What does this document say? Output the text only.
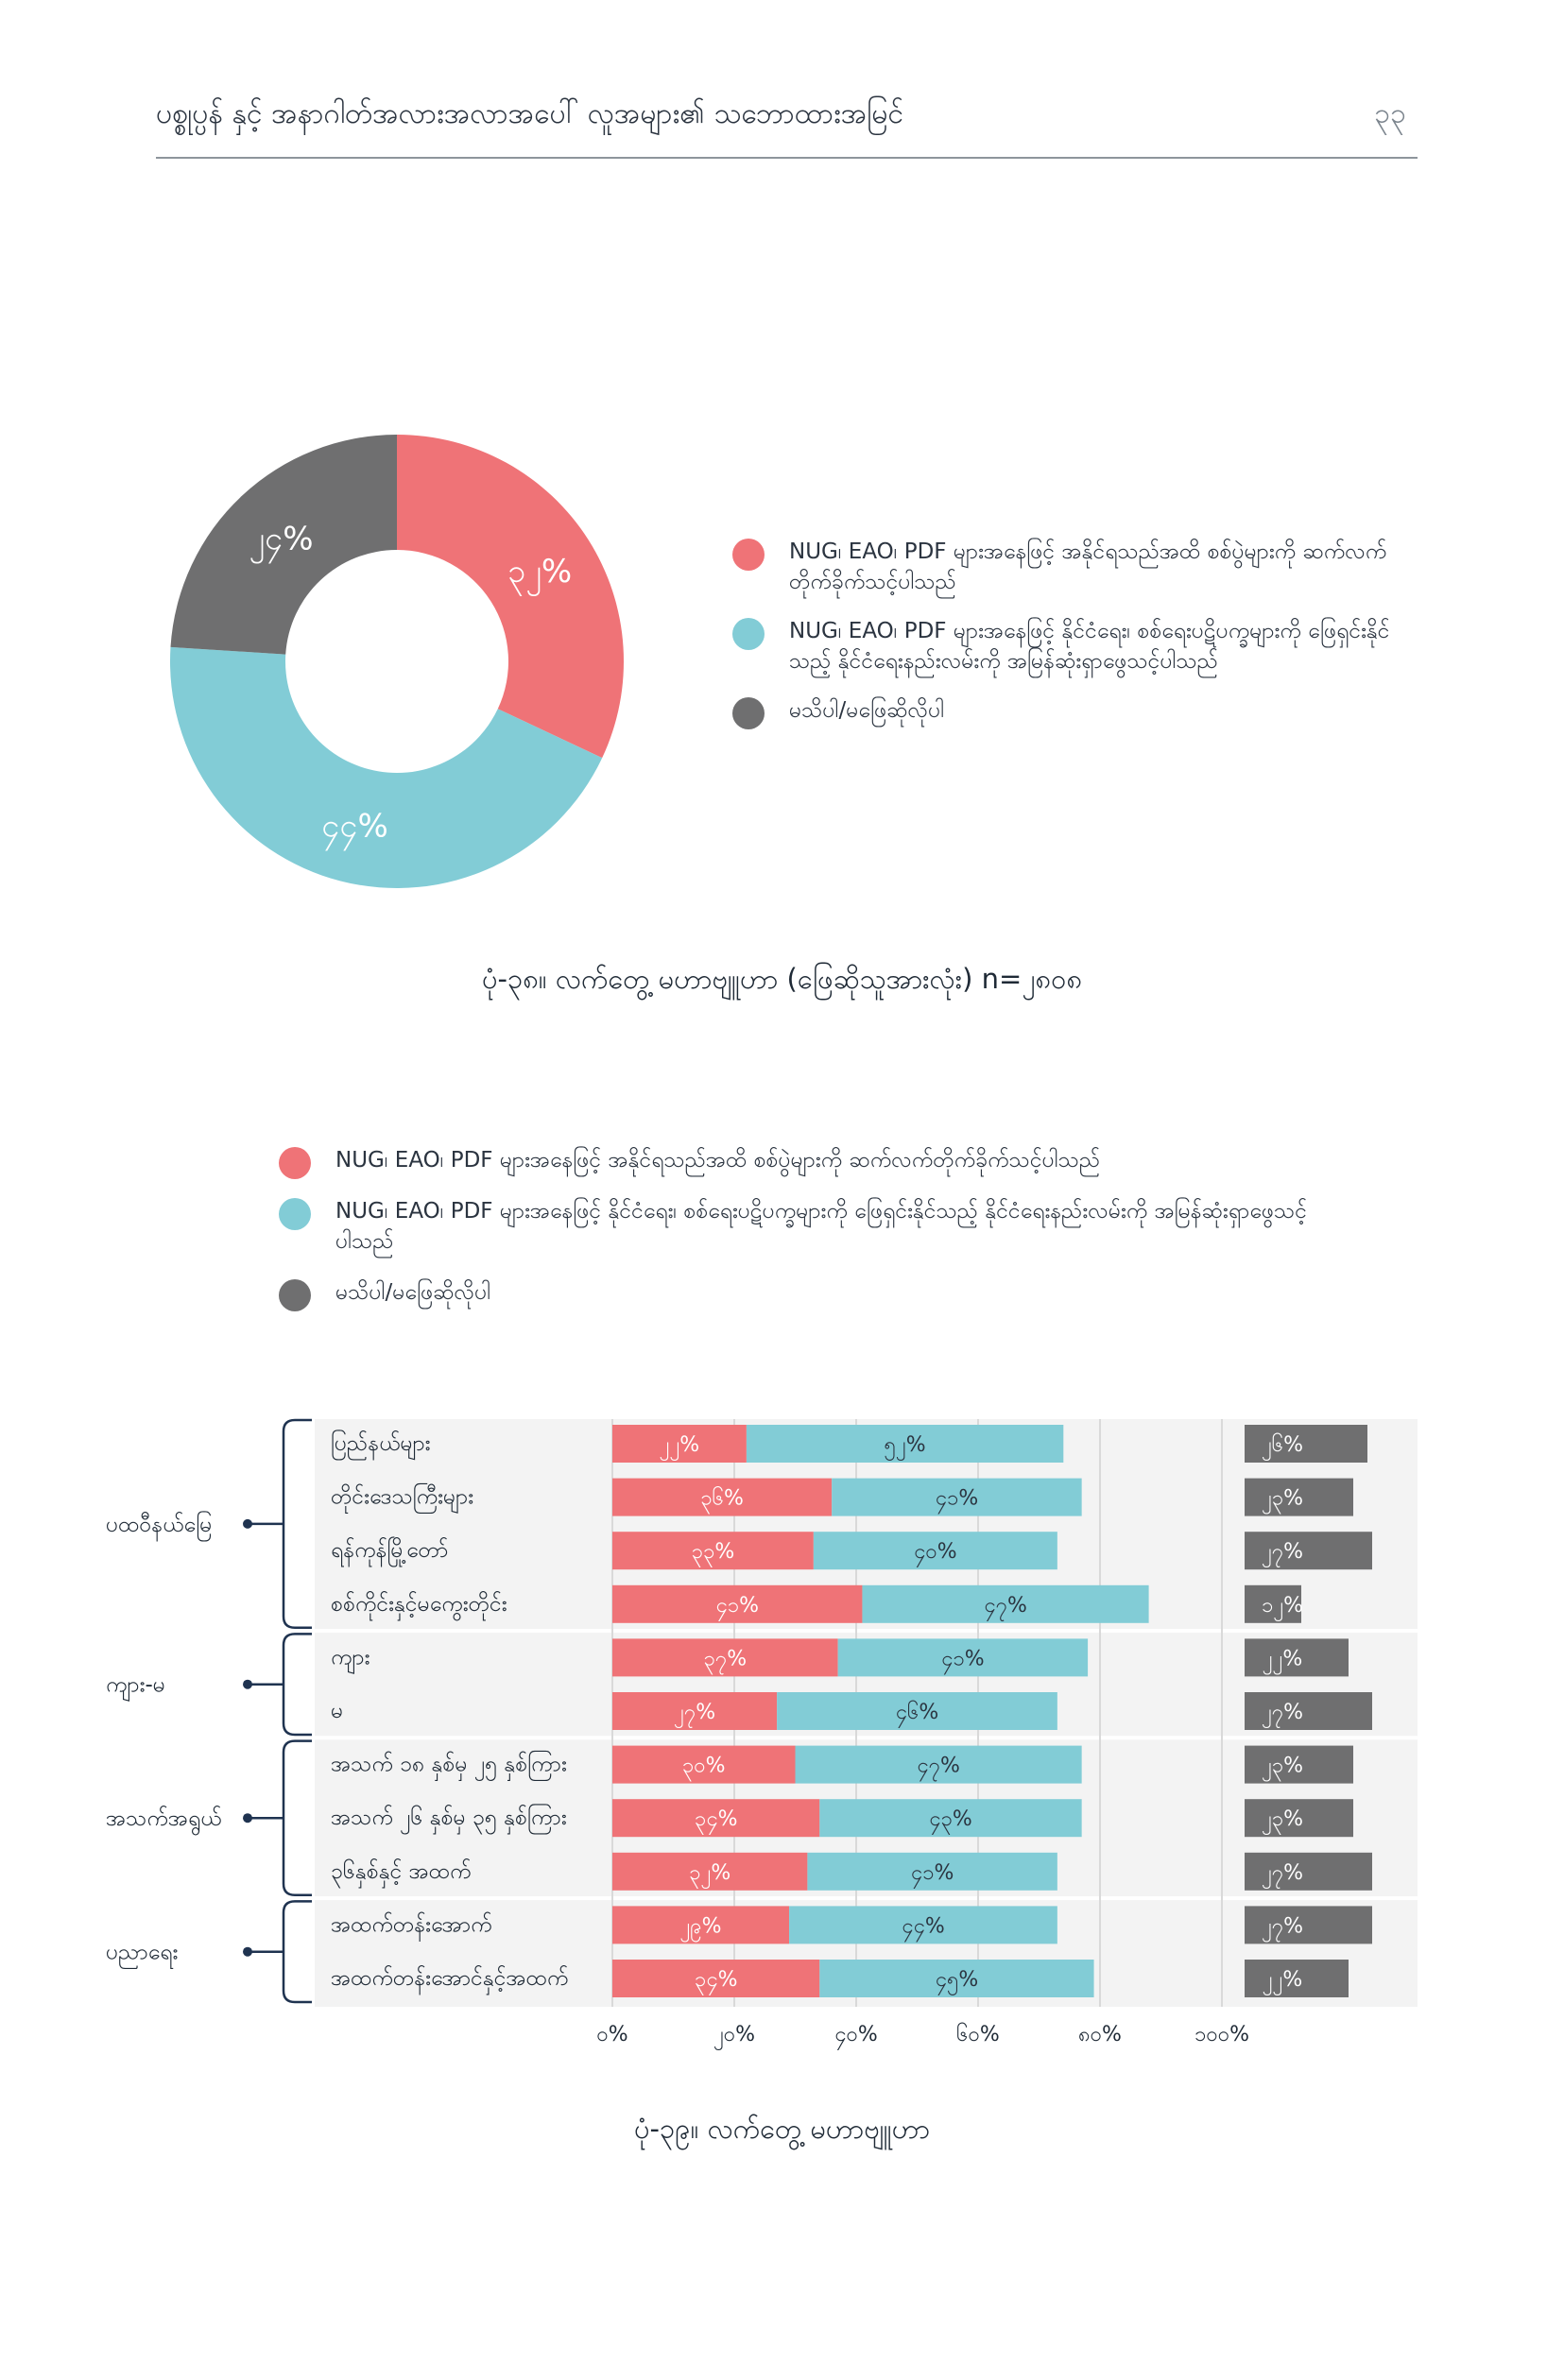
ပစ္စုပ္ပန် နှင့် အနာဂါတ်အလားအလာအပေါ် လူအများ၏ သဘောထားအမြင်	၃၃
၃၂%
၄၄%
၂၄%	NUG၊ EAO၊ PDF များအနေဖြင့် အနိုင်ရသည်အထိ စစ်ပွဲများကို ဆက်လက်တိုက်ခိုက်သင့်ပါသည်
NUG၊ EAO၊ PDF များအနေဖြင့် နိုင်ငံရေး၊ စစ်ရေးပဋိပက္ခများကို ဖြေရှင်းနိုင်သည့် နိုင်ငံရေးနည်းလမ်းကို အမြန်ဆုံးရှာဖွေသင့်ပါသည်
မသိပါ/မဖြေဆိုလိုပါ
ပုံ-၃၈။ လက်တွေ့ မဟာဗျူဟာ (ဖြေဆိုသူအားလုံး) n=၂၈၀၈
NUG၊ EAO၊ PDF များအနေဖြင့် အနိုင်ရသည်အထိ စစ်ပွဲများကို ဆက်လက်တိုက်ခိုက်သင့်ပါသည်
NUG၊ EAO၊ PDF များအနေဖြင့် နိုင်ငံရေး၊ စစ်ရေးပဋိပက္ခများကို ဖြေရှင်းနိုင်သည့် နိုင်ငံရေးနည်းလမ်းကို အမြန်ဆုံးရှာဖွေသင့်ပါသည်
မသိပါ/မဖြေဆိုလိုပါ
ပြည်နယ်များ	၂၂%	၅၂%	၂၆%
တိုင်းဒေသကြီးများ	၃၆%	၄၁%	၂၃%
ရန်ကုန်မြို့တော်	၃၃%	၄၀%	၂၇%
စစ်ကိုင်းနှင့်မကွေးတိုင်း	၄၁%	၄၇%	၁၂%
ကျား	၃၇%	၄၁%	၂၂%
မ	၂၇%	၄၆%	၂၇%
အသက် ၁၈ နှစ်မှ ၂၅ နှစ်ကြား	၃၀%	၄၇%	၂၃%
အသက် ၂၆ နှစ်မှ ၃၅ နှစ်ကြား	၃၄%	၄၃%	၂၃%
၃၆နှစ်နှင့် အထက်	၃၂%	၄၁%	၂၇%
အထက်တန်းအောက်	၂၉%	၄၄%	၂၇%
အထက်တန်းအောင်နှင့်အထက်	၃၄%	၄၅%	၂၂%
ပထဝီနယ်မြေ
ကျား-မ
အသက်အရွယ်
ပညာရေး
၀%	၂၀%	၄၀%	၆၀%	၈၀%	၁၀၀%
ပုံ-၃၉။ လက်တွေ့ မဟာဗျူဟာ
